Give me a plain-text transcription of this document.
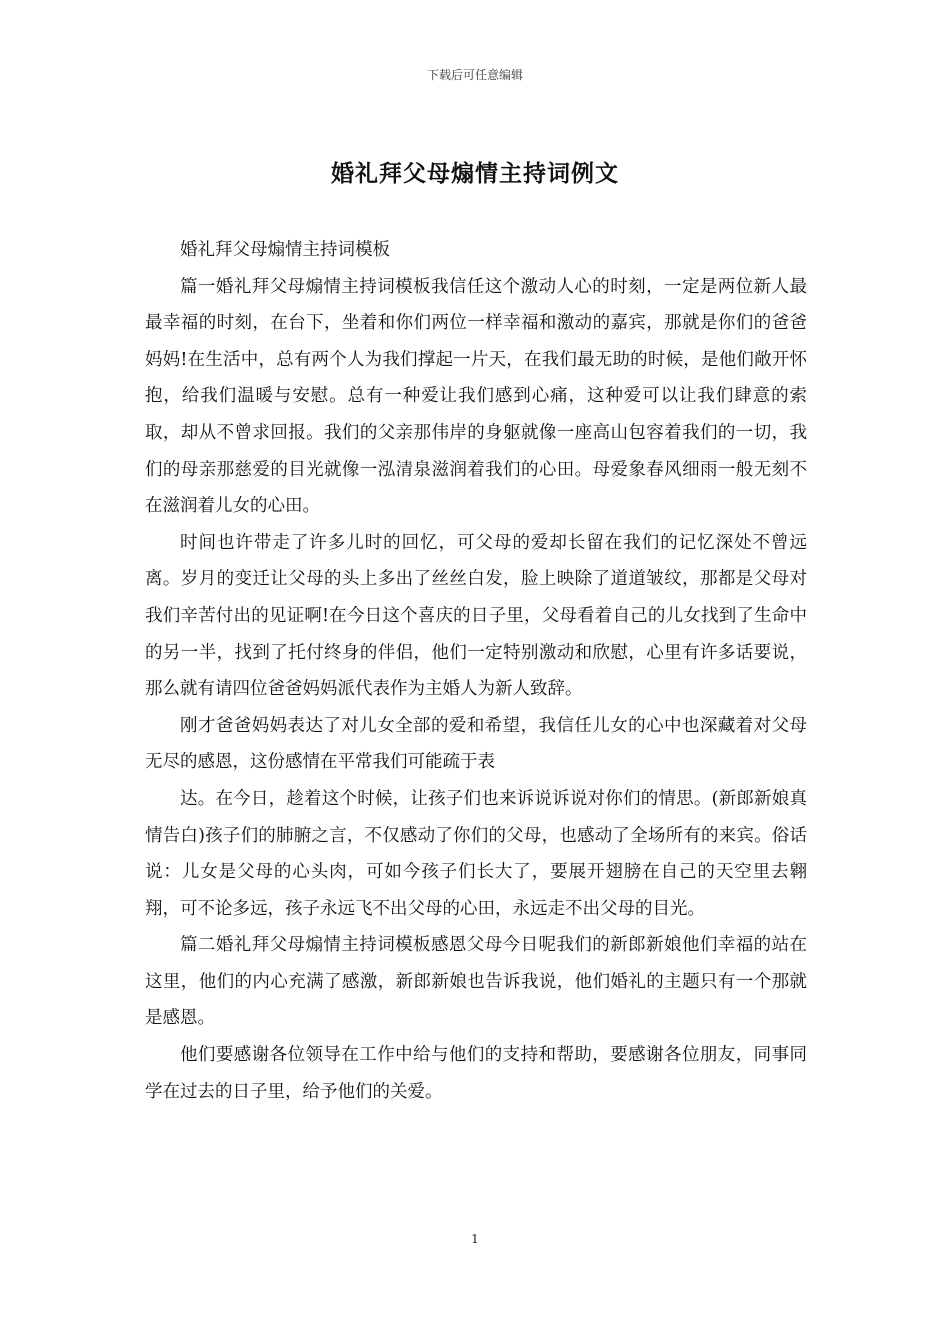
下载后可任意编辑
婚礼拜父母煽情主持词例文

婚礼拜父母煽情主持词模板

篇一婚礼拜父母煽情主持词模板我信任这个激动人心的时刻，一定是两位新人最最幸福的时刻，在台下，坐着和你们两位一样幸福和激动的嘉宾，那就是你们的爸爸妈妈!在生活中，总有两个人为我们撑起一片天，在我们最无助的时候，是他们敞开怀抱，给我们温暖与安慰。总有一种爱让我们感到心痛，这种爱可以让我们肆意的索取，却从不曾求回报。我们的父亲那伟岸的身躯就像一座高山包容着我们的一切，我们的母亲那慈爱的目光就像一泓清泉滋润着我们的心田。母爱象春风细雨一般无刻不在滋润着儿女的心田。

时间也许带走了许多儿时的回忆，可父母的爱却长留在我们的记忆深处不曾远离。岁月的变迁让父母的头上多出了丝丝白发，脸上映除了道道皱纹，那都是父母对我们辛苦付出的见证啊!在今日这个喜庆的日子里，父母看着自己的儿女找到了生命中的另一半，找到了托付终身的伴侣，他们一定特别激动和欣慰，心里有许多话要说，那么就有请四位爸爸妈妈派代表作为主婚人为新人致辞。

刚才爸爸妈妈表达了对儿女全部的爱和希望，我信任儿女的心中也深藏着对父母无尽的感恩，这份感情在平常我们可能疏于表

达。在今日，趁着这个时候，让孩子们也来诉说诉说对你们的情思。(新郎新娘真情告白)孩子们的肺腑之言，不仅感动了你们的父母，也感动了全场所有的来宾。俗话说：儿女是父母的心头肉，可如今孩子们长大了，要展开翅膀在自己的天空里去翱翔，可不论多远，孩子永远飞不出父母的心田，永远走不出父母的目光。

篇二婚礼拜父母煽情主持词模板感恩父母今日呢我们的新郎新娘他们幸福的站在这里，他们的内心充满了感激，新郎新娘也告诉我说，他们婚礼的主题只有一个那就是感恩。

他们要感谢各位领导在工作中给与他们的支持和帮助，要感谢各位朋友，同事同学在过去的日子里，给予他们的关爱。

1
